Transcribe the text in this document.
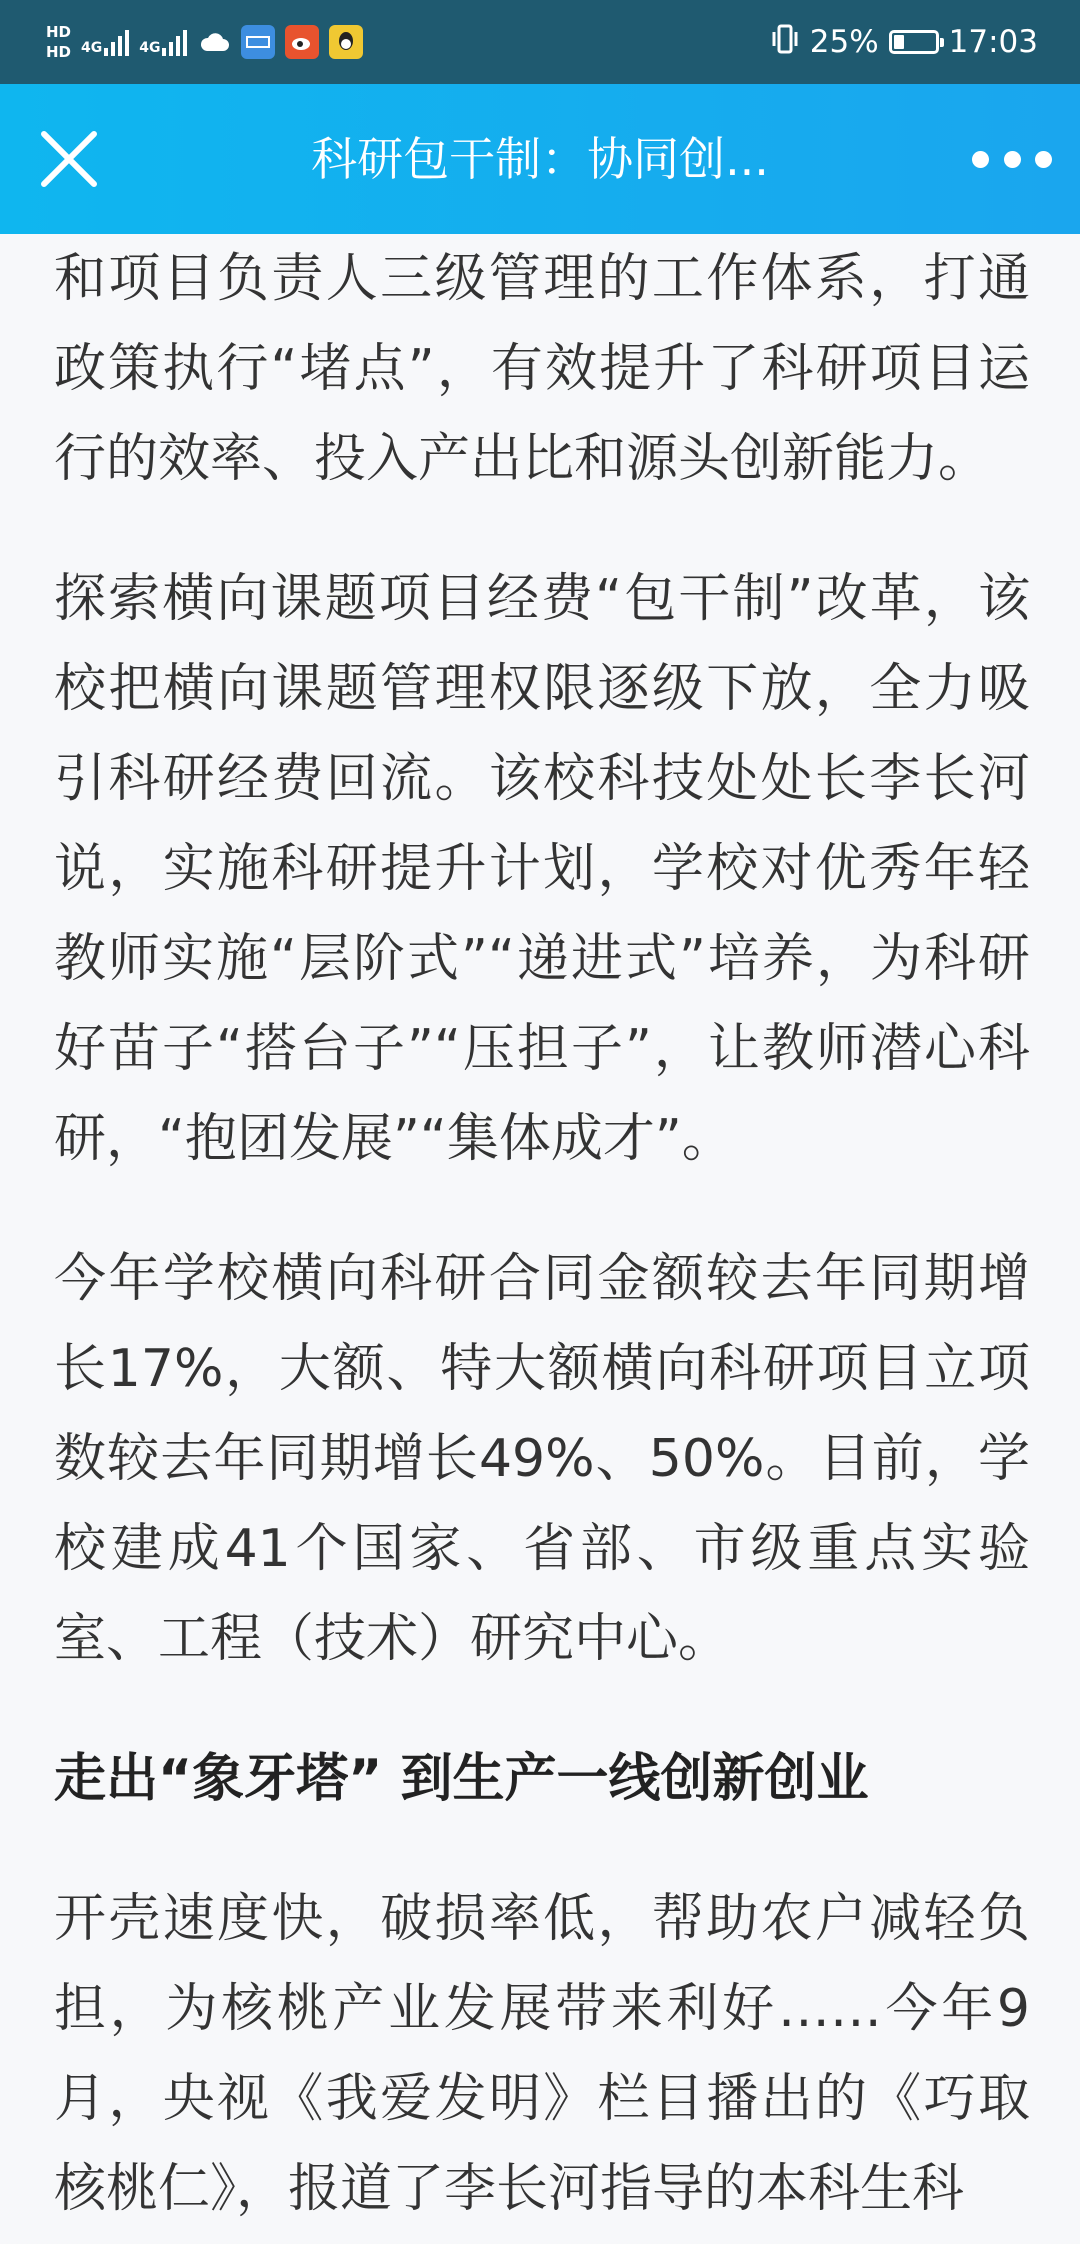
HD
HD 4G	4G	25% 17:03
科研包干制：协同创...

和项目负责人三级管理的工作体系，打通政策执行“堵点”，有效提升了科研项目运行的效率、投入产出比和源头创新能力。

探索横向课题项目经费“包干制”改革，该校把横向课题管理权限逐级下放，全力吸引科研经费回流。该校科技处处长李长河说，实施科研提升计划，学校对优秀年轻教师实施“层阶式”“递进式”培养，为科研好苗子“搭台子”“压担子”，让教师潜心科研，“抱团发展”“集体成才”。

今年学校横向科研合同金额较去年同期增长17%，大额、特大额横向科研项目立项数较去年同期增长49%、50%。目前，学校建成41个国家、省部、市级重点实验室、工程（技术）研究中心。

走出“象牙塔” 到生产一线创新创业

开壳速度快，破损率低，帮助农户减轻负担，为核桃产业发展带来利好……今年9月，央视《我爱发明》栏目播出的《巧取核桃仁》，报道了李长河指导的本科生科
